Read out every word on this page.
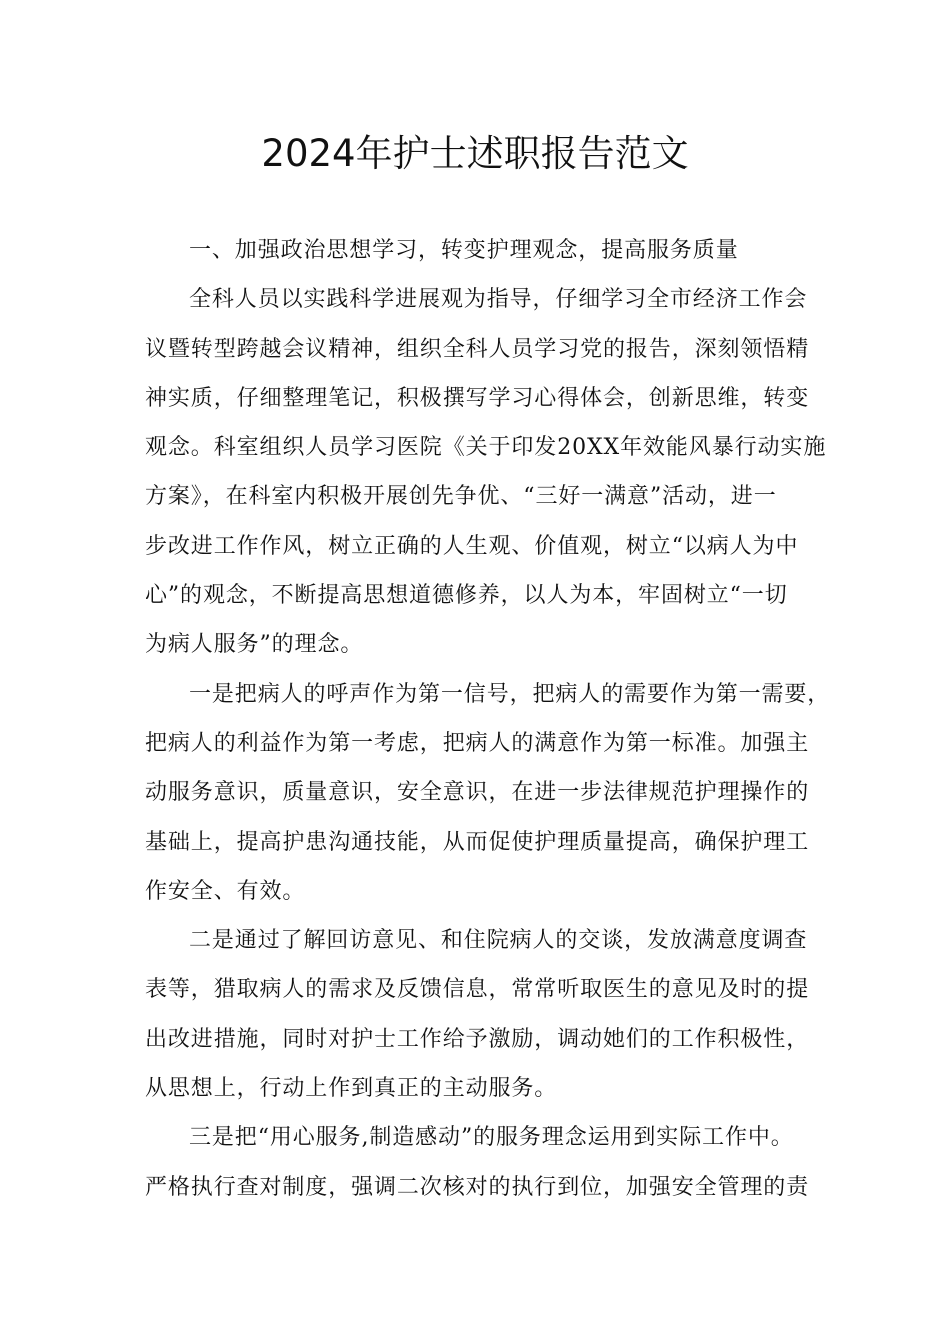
2024年护士述职报告范文
一、加强政治思想学习，转变护理观念，提高服务质量
全科人员以实践科学进展观为指导，仔细学习全市经济工作会
议暨转型跨越会议精神，组织全科人员学习党的报告，深刻领悟精
神实质，仔细整理笔记，积极撰写学习心得体会，创新思维，转变
观念。科室组织人员学习医院《关于印发20XX年效能风暴行动实施
方案》，在科室内积极开展创先争优、“三好一满意”活动，进一
步改进工作作风，树立正确的人生观、价值观，树立“以病人为中
心”的观念，不断提高思想道德修养，以人为本，牢固树立“一切
为病人服务”的理念。
一是把病人的呼声作为第一信号，把病人的需要作为第一需要，
把病人的利益作为第一考虑，把病人的满意作为第一标准。加强主
动服务意识，质量意识，安全意识，在进一步法律规范护理操作的
基础上，提高护患沟通技能，从而促使护理质量提高，确保护理工
作安全、有效。
二是通过了解回访意见、和住院病人的交谈，发放满意度调查
表等，猎取病人的需求及反馈信息，常常听取医生的意见及时的提
出改进措施，同时对护士工作给予激励，调动她们的工作积极性，
从思想上，行动上作到真正的主动服务。
三是把“用心服务,制造感动”的服务理念运用到实际工作中。
严格执行查对制度，强调二次核对的执行到位，加强安全管理的责
